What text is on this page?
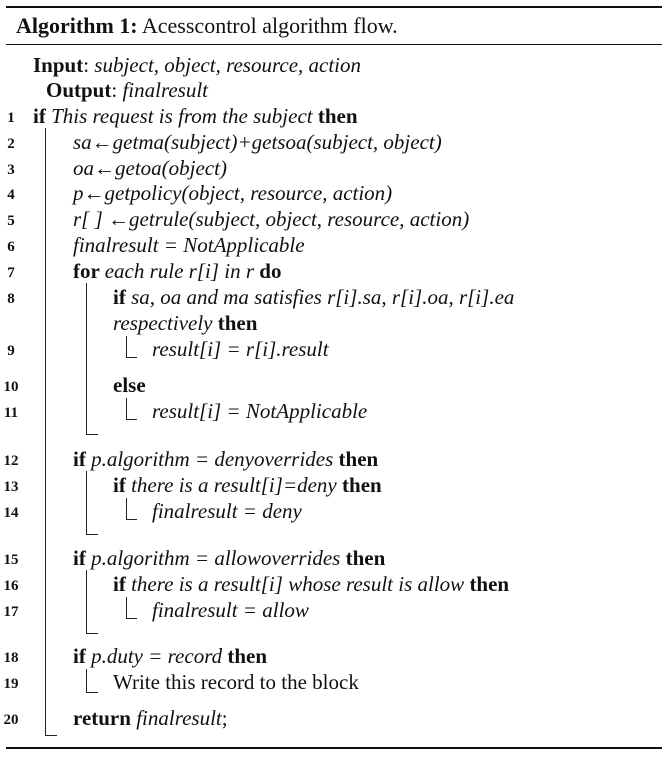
Algorithm 1: Acesscontrol algorithm flow.
Input: subject, object, resource, action
Output: finalresult
1 if This request is from the subject then
2	sa←getma(subject)+getsoa(subject, object)
3	oa←getoa(object)
4	p←getpolicy(object, resource, action)
5	r[ ] ←getrule(subject, object, resource, action)
6	finalresult = NotApplicable
7	for each rule r[i] in r do
8	if sa, oa and ma satisfies r[i].sa, r[i].oa, r[i].ea
respectively then
9	result[i] = r[i].result
10	else
11	result[i] = NotApplicable
12	if p.algorithm = denyoverrides then
13	if there is a result[i]=deny then
14	finalresult = deny
15	if p.algorithm = allowoverrides then
16	if there is a result[i] whose result is allow then
17	finalresult = allow
18	if p.duty = record then
19	Write this record to the block
20	return finalresult;
